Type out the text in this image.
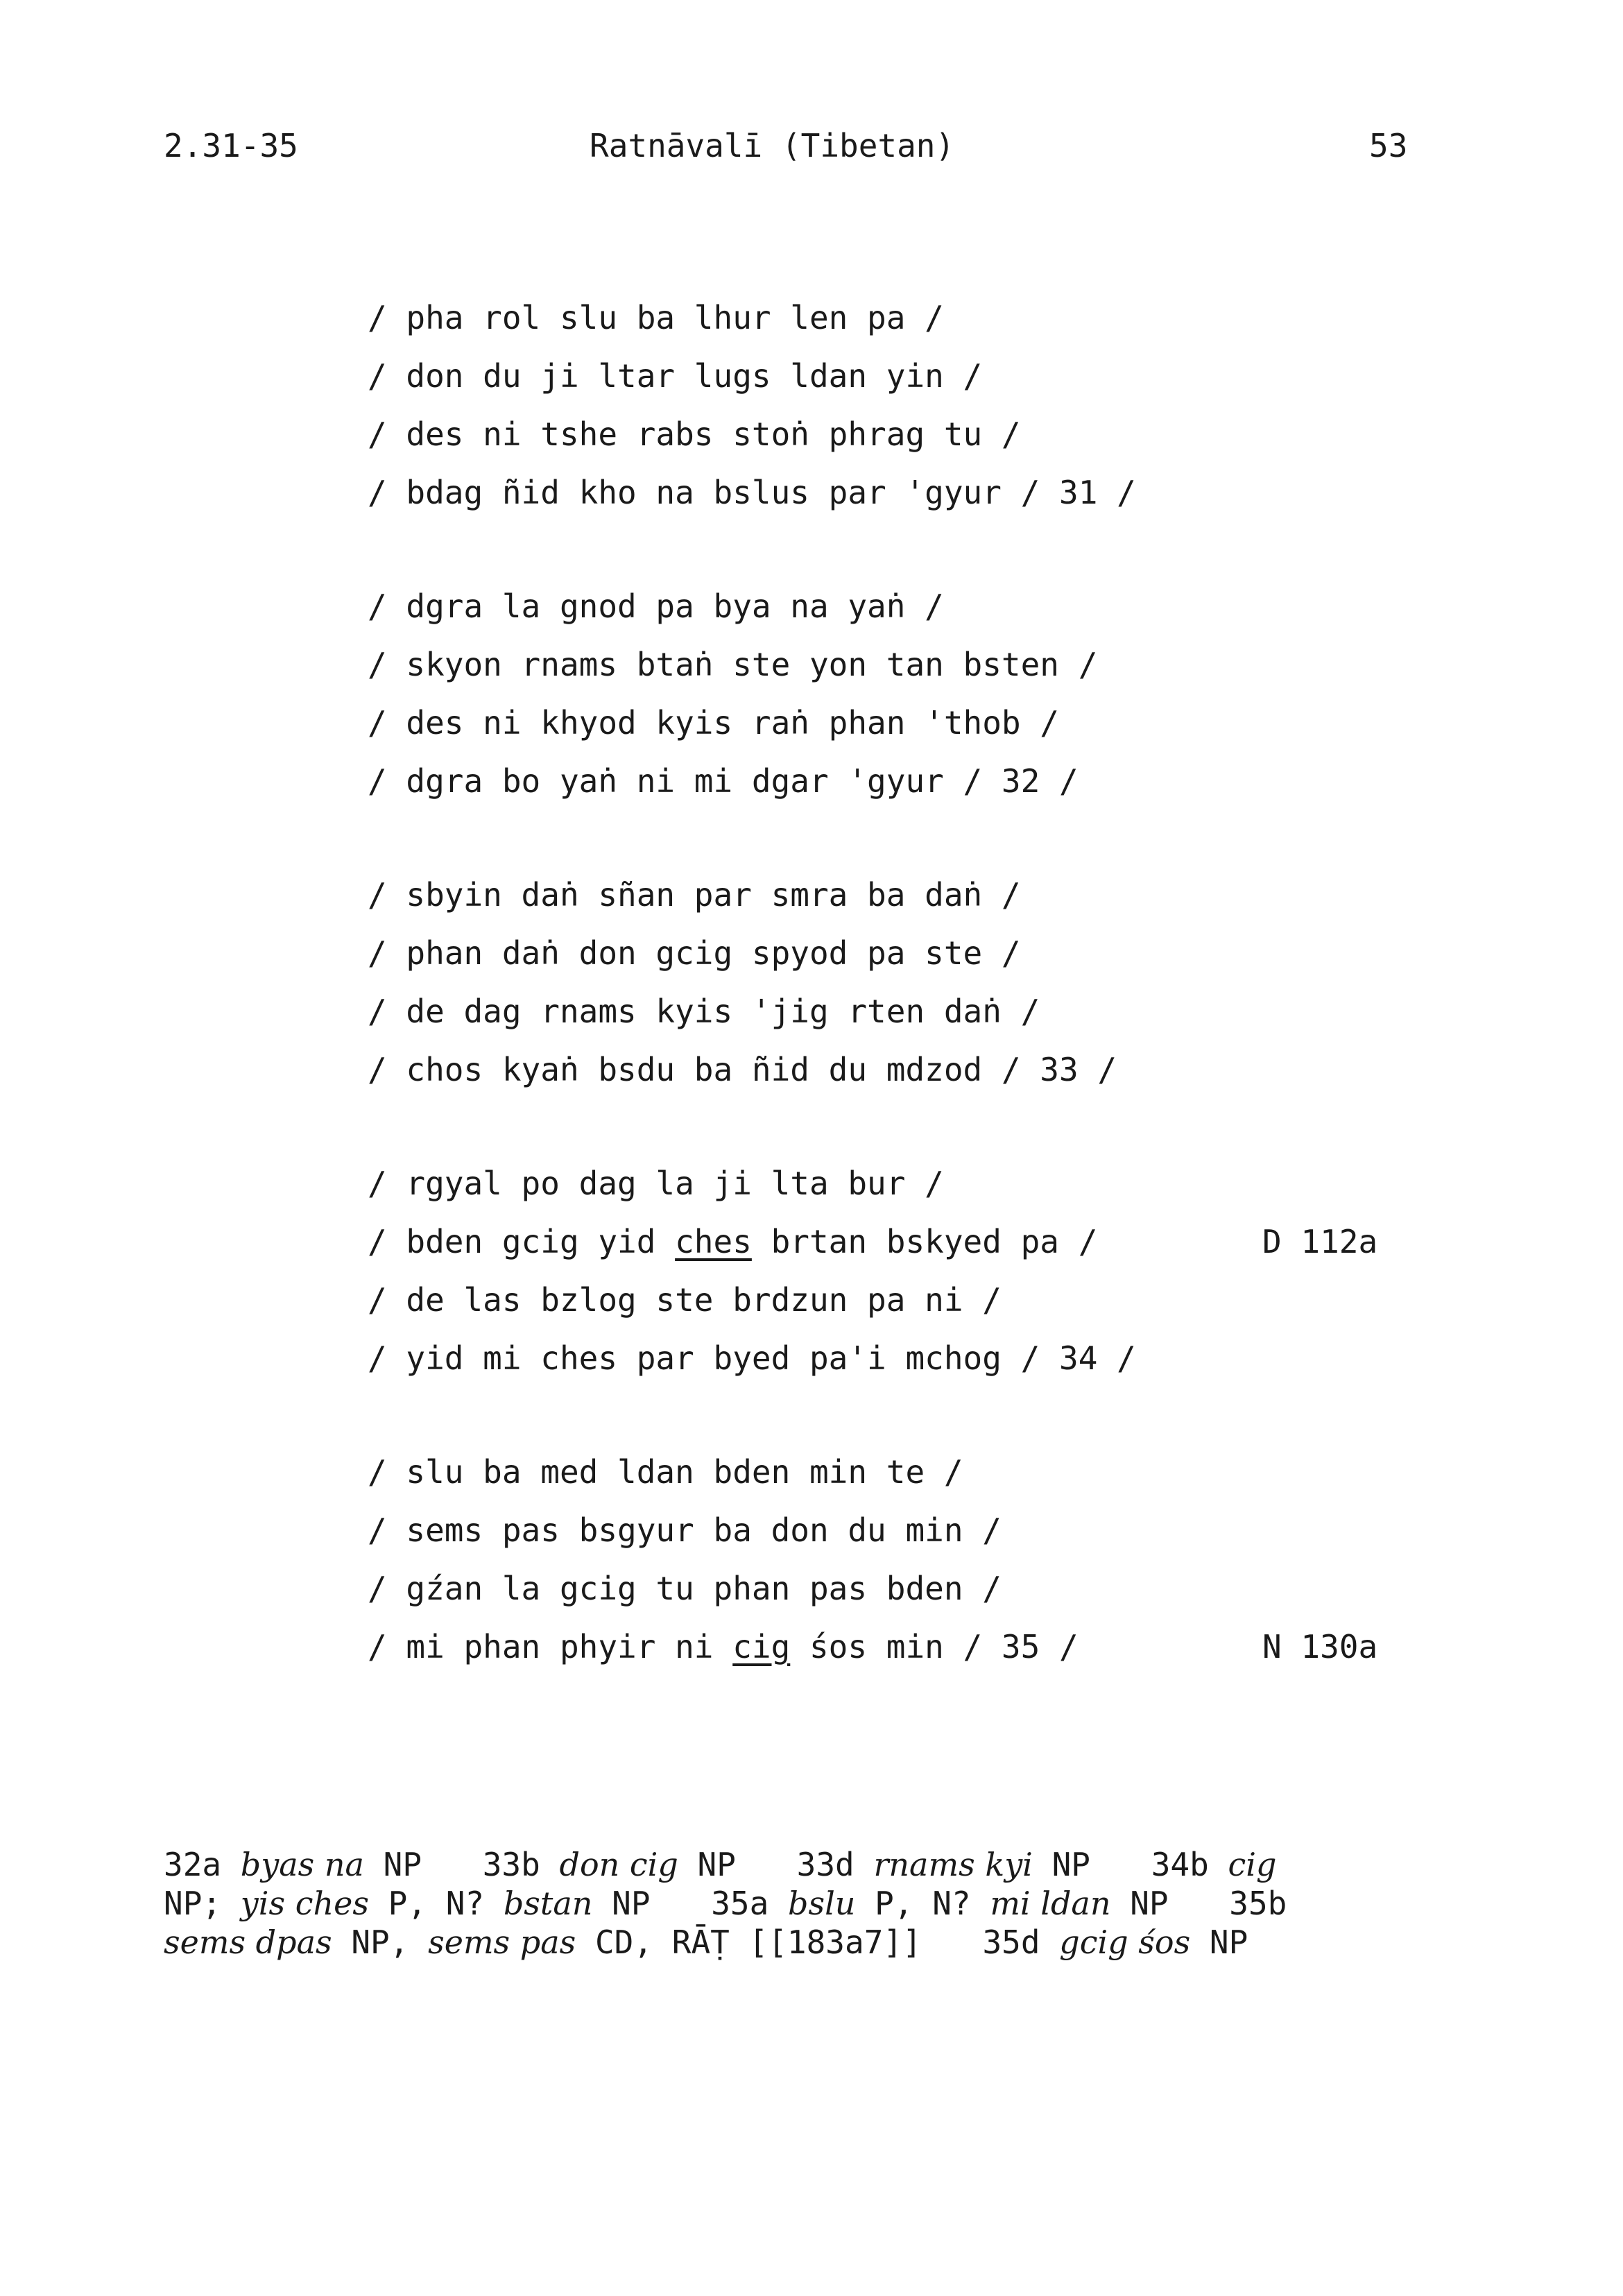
2.31-35	Ratnāvalī (Tibetan)	53
/ pha rol slu ba lhur len pa /
/ don du ji ltar lugs ldan yin /
/ des ni tshe rabs stoṅ phrag tu /
/ bdag ñid kho na bslus par 'gyur / 31 /
/ dgra la gnod pa bya na yaṅ /
/ skyon rnams btaṅ ste yon tan bsten /
/ des ni khyod kyis raṅ phan 'thob /
/ dgra bo yaṅ ni mi dgar 'gyur / 32 /
/ sbyin daṅ sñan par smra ba daṅ /
/ phan daṅ don gcig spyod pa ste /
/ de dag rnams kyis 'jig rten daṅ /
/ chos kyaṅ bsdu ba ñid du mdzod / 33 /
/ rgyal po dag la ji lta bur /
/ bden gcig yid ches brtan bskyed pa /	D 112a
/ de las bzlog ste brdzun pa ni /
/ yid mi ches par byed pa'i mchog / 34 /
/ slu ba med ldan bden min te /
/ sems pas bsgyur ba don du min /
/ gźan la gcig tu phan pas bden /
/ mi phan phyir ni cig śos min / 35 /	N 130a
32a byas na NP 33b don cig NP 33d rnams kyi NP 34b cig
NP; yis ches P, N? bstan NP 35a bslu P, N? mi ldan NP 35b
sems dpas NP, sems pas CD, RĀṬ [[183a7]] 35d gcig śos NP
